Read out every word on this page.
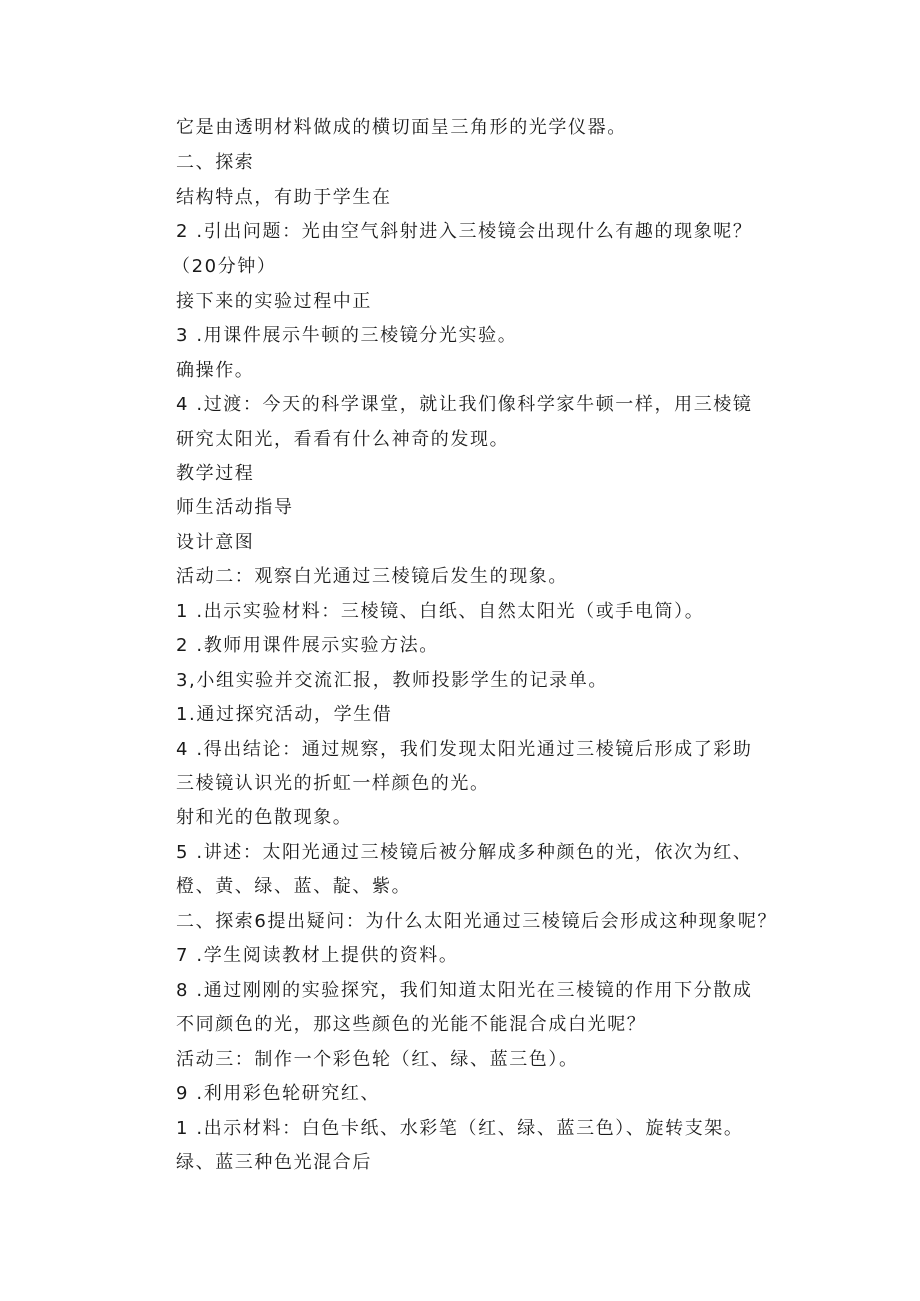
它是由透明材料做成的横切面呈三角形的光学仪器。
二、探索
结构特点，有助于学生在
2 .引出问题：光由空气斜射进入三棱镜会出现什么有趣的现象呢？
（20分钟）
接下来的实验过程中正
3 .用课件展示牛顿的三棱镜分光实验。
确操作。
4 .过渡：今天的科学课堂，就让我们像科学家牛顿一样，用三棱镜
研究太阳光，看看有什么神奇的发现。
教学过程
师生活动指导
设计意图
活动二：观察白光通过三棱镜后发生的现象。
1 .出示实验材料：三棱镜、白纸、自然太阳光（或手电筒）。
2 .教师用课件展示实验方法。
3,小组实验并交流汇报，教师投影学生的记录单。
1.通过探究活动，学生借
4 .得出结论：通过规察，我们发现太阳光通过三棱镜后形成了彩助
三棱镜认识光的折虹一样颜色的光。
射和光的色散现象。
5 .讲述：太阳光通过三棱镜后被分解成多种颜色的光，依次为红、
橙、黄、绿、蓝、靛、紫。
二、探索6提出疑问：为什么太阳光通过三棱镜后会形成这种现象呢？
7 .学生阅读教材上提供的资料。
8 .通过刚刚的实验探究，我们知道太阳光在三棱镜的作用下分散成
不同颜色的光，那这些颜色的光能不能混合成白光呢？
活动三：制作一个彩色轮（红、绿、蓝三色）。
9 .利用彩色轮研究红、
1 .出示材料：白色卡纸、水彩笔（红、绿、蓝三色）、旋转支架。
绿、蓝三种色光混合后
